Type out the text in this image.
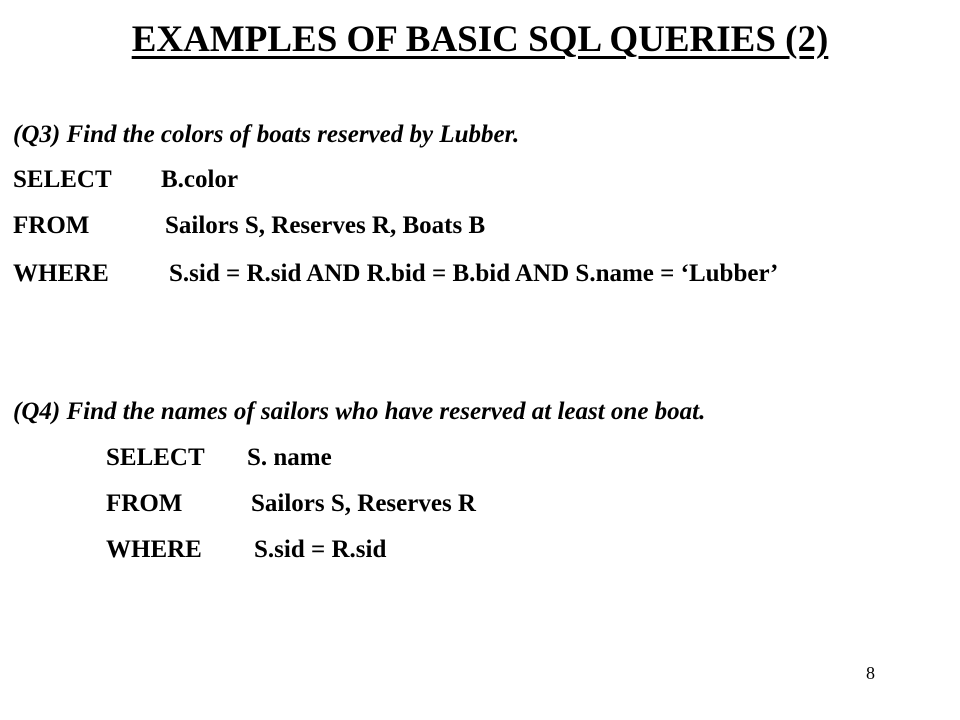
EXAMPLES OF BASIC SQL QUERIES (2)
(Q3) Find the colors of boats reserved by Lubber.
SELECT B.color
FROM	Sailors S, Reserves R, Boats B
WHERE S.sid = R.sid AND R.bid = B.bid AND S.name = ‘Lubber’
(Q4) Find the names of sailors who have reserved at least one boat.
SELECT S. name
FROM	Sailors S, Reserves R
WHERE S.sid = R.sid
8
